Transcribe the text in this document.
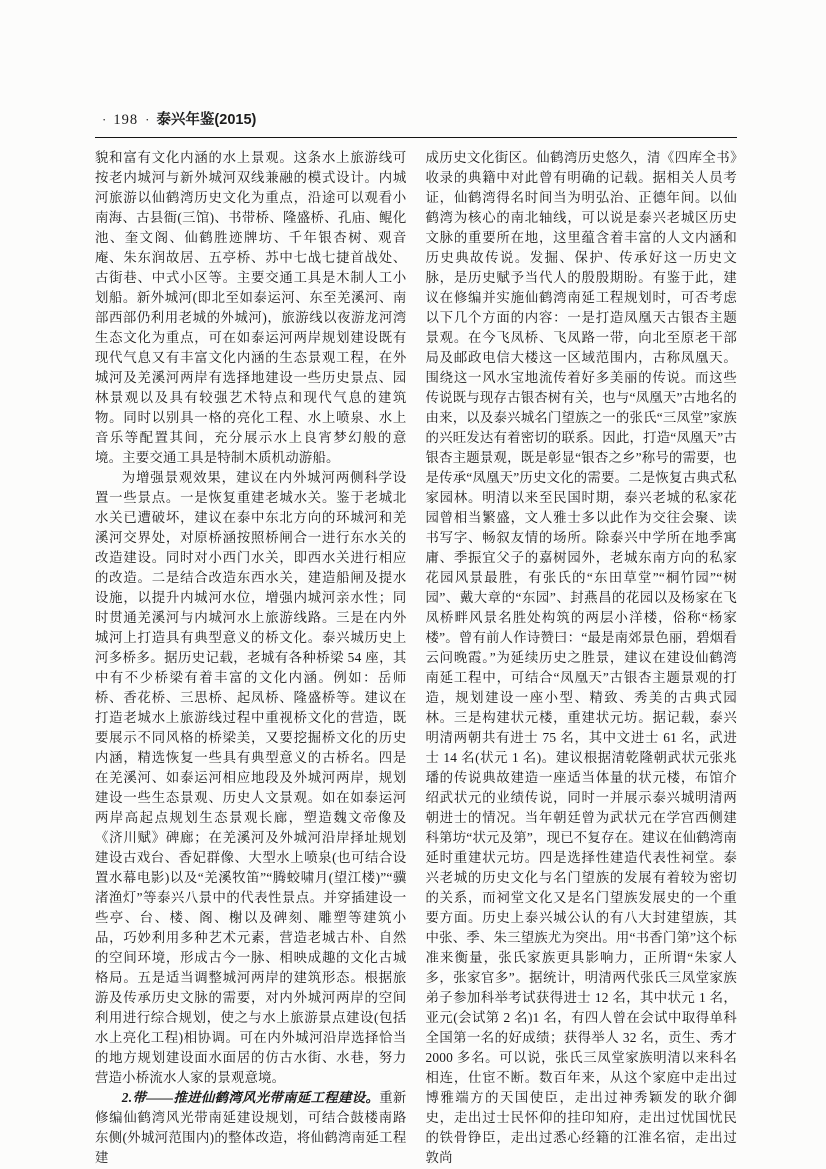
· 198 · 泰兴年鉴(2015)

貌和富有文化内涵的水上景观。这条水上旅游线可按老内城河与新外城河双线兼融的模式设计。内城河旅游以仙鹤湾历史文化为重点，沿途可以观看小南海、古县衙(三馆)、书带桥、隆盛桥、孔庙、鲲化池、奎文阁、仙鹤胜迹牌坊、千年银杏树、观音庵、朱东润故居、五亭桥、苏中七战七捷首战处、古街巷、中式小区等。主要交通工具是木制人工小划船。新外城河(即北至如泰运河、东至羌溪河、南部西部仍利用老城的外城河)，旅游线以夜游龙河湾生态文化为重点，可在如泰运河两岸规划建设既有现代气息又有丰富文化内涵的生态景观工程，在外城河及羌溪河两岸有选择地建设一些历史景点、园林景观以及具有较强艺术特点和现代气息的建筑物。同时以别具一格的亮化工程、水上喷泉、水上音乐等配置其间，充分展示水上良宵梦幻般的意境。主要交通工具是特制木质机动游船。

为增强景观效果，建议在内外城河两侧科学设置一些景点。一是恢复重建老城水关。鉴于老城北水关已遭破坏，建议在泰中东北方向的环城河和羌溪河交界处，对原桥涵按照桥闸合一进行东水关的改造建设。同时对小西门水关，即西水关进行相应的改造。二是结合改造东西水关，建造船闸及提水设施，以提升内城河水位，增强内城河亲水性；同时贯通羌溪河与内城河水上旅游线路。三是在内外城河上打造具有典型意义的桥文化。泰兴城历史上河多桥多。据历史记载，老城有各种桥梁 54 座，其中有不少桥梁有着丰富的文化内涵。例如：岳师桥、香花桥、三思桥、起凤桥、隆盛桥等。建议在打造老城水上旅游线过程中重视桥文化的营造，既要展示不同风格的桥梁美，又要挖掘桥文化的历史内涵，精选恢复一些具有典型意义的古桥名。四是在羌溪河、如泰运河相应地段及外城河两岸，规划建设一些生态景观、历史人文景观。如在如泰运河两岸高起点规划生态景观长廊，塑造魏文帝像及《济川赋》碑廊；在羌溪河及外城河沿岸择址规划建设古戏台、香妃群像、大型水上喷泉(也可结合设置水幕电影)以及“羌溪牧笛”“腾蛟啸月(望江楼)”“骥渚渔灯”等泰兴八景中的代表性景点。并穿插建设一些亭、台、楼、阁、榭以及碑刻、雕塑等建筑小品，巧妙利用多种艺术元素，营造老城古朴、自然的空间环境，形成古今一脉、相映成趣的文化古城格局。五是适当调整城河两岸的建筑形态。根据旅游及传承历史文脉的需要，对内外城河两岸的空间利用进行综合规划，使之与水上旅游景点建设(包括水上亮化工程)相协调。可在内外城河沿岸选择恰当的地方规划建设面水面居的仿古水街、水巷，努力营造小桥流水人家的景观意境。

2.带——推进仙鹤湾风光带南延工程建设。重新修编仙鹤湾风光带南延建设规划，可结合鼓楼南路东侧(外城河范围内)的整体改造，将仙鹤湾南延工程建

成历史文化街区。仙鹤湾历史悠久，清《四库全书》收录的典籍中对此曾有明确的记载。据相关人员考证，仙鹤湾得名时间当为明弘治、正德年间。以仙鹤湾为核心的南北轴线，可以说是泰兴老城区历史文脉的重要所在地，这里蕴含着丰富的人文内涵和历史典故传说。发掘、保护、传承好这一历史文脉，是历史赋予当代人的殷殷期盼。有鉴于此，建议在修编并实施仙鹤湾南延工程规划时，可否考虑以下几个方面的内容：一是打造凤凰天古银杏主题景观。在今飞凤桥、飞凤路一带，向北至原老干部局及邮政电信大楼这一区域范围内，古称凤凰天。围绕这一风水宝地流传着好多美丽的传说。而这些传说既与现存古银杏树有关，也与“凤凰天”古地名的由来，以及泰兴城名门望族之一的张氏“三凤堂”家族的兴旺发达有着密切的联系。因此，打造“凤凰天”古银杏主题景观，既是彰显“银杏之乡”称号的需要，也是传承“凤凰天”历史文化的需要。二是恢复古典式私家园林。明清以来至民国时期，泰兴老城的私家花园曾相当繁盛，文人雅士多以此作为交往会聚、读书写字、畅叙友情的场所。除泰兴中学所在地季寓庸、季振宜父子的嘉树园外，老城东南方向的私家花园风景最胜，有张氏的“东田草堂”“桐竹园”“树园”、戴大章的“东园”、封燕昌的花园以及杨家在飞凤桥畔风景名胜处构筑的两层小洋楼，俗称“杨家楼”。曾有前人作诗赞曰：“最是南郊景色丽，碧烟看云问晚霞。”为延续历史之胜景，建议在建设仙鹤湾南延工程中，可结合“凤凰天”古银杏主题景观的打造，规划建设一座小型、精致、秀美的古典式园林。三是构建状元楼，重建状元坊。据记载，泰兴明清两朝共有进士 75 名，其中文进士 61 名，武进士 14 名(状元 1 名)。建议根据清乾隆朝武状元张兆璠的传说典故建造一座适当体量的状元楼，布馆介绍武状元的业绩传说，同时一并展示泰兴城明清两朝进士的情况。当年朝廷曾为武状元在学宫西侧建科第坊“状元及第”，现已不复存在。建议在仙鹤湾南延时重建状元坊。四是选择性建造代表性祠堂。泰兴老城的历史文化与名门望族的发展有着较为密切的关系，而祠堂文化又是名门望族发展史的一个重要方面。历史上泰兴城公认的有八大封建望族，其中张、季、朱三望族尤为突出。用“书香门第”这个标准来衡量，张氏家族更具影响力，正所谓“朱家人多，张家官多”。据统计，明清两代张氏三凤堂家族弟子参加科举考试获得进士 12 名，其中状元 1 名，亚元(会试第 2 名)1 名，有四人曾在会试中取得单科全国第一名的好成绩；获得举人 32 名，贡生、秀才 2000 多名。可以说，张氏三凤堂家族明清以来科名相连，仕宦不断。数百年来，从这个家庭中走出过博雅端方的天国使臣，走出过神秀颖发的耿介御史，走出过士民怀仰的挂印知府，走出过忧国忧民的铁骨铮臣，走出过悉心经籍的江淮名宿，走出过敦尚
